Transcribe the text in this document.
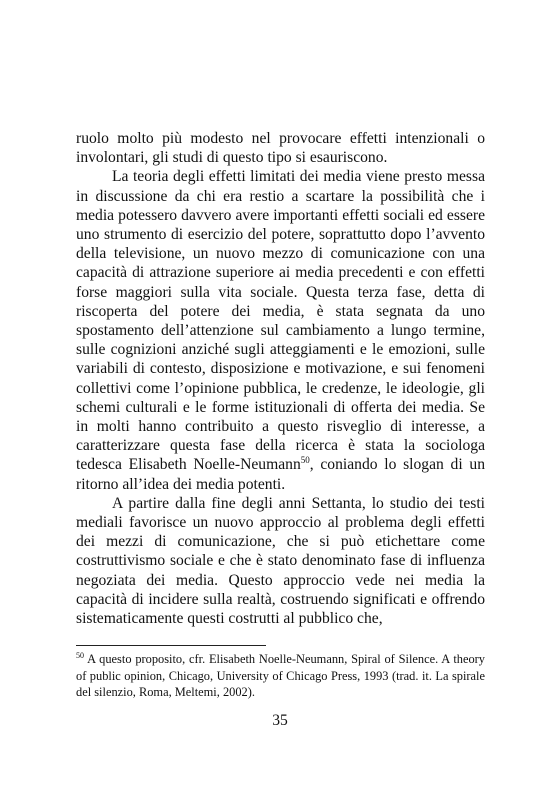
ruolo molto più modesto nel provocare effetti intenzionali o involontari, gli studi di questo tipo si esauriscono.

La teoria degli effetti limitati dei media viene presto messa in discussione da chi era restio a scartare la possibilità che i media potessero davvero avere importanti effetti sociali ed essere uno strumento di esercizio del potere, soprattutto dopo l’avvento della televisione, un nuovo mezzo di comunicazione con una capacità di attrazione superiore ai media precedenti e con effetti forse maggiori sulla vita sociale. Questa terza fase, detta di riscoperta del potere dei media, è stata segnata da uno spostamento dell’attenzione sul cambiamento a lungo termine, sulle cognizioni anziché sugli atteggiamenti e le emozioni, sulle variabili di contesto, disposizione e motivazione, e sui fenomeni collettivi come l’opinione pubblica, le credenze, le ideologie, gli schemi culturali e le forme istituzionali di offerta dei media. Se in molti hanno contribuito a questo risveglio di interesse, a caratterizzare questa fase della ricerca è stata la sociologa tedesca Elisabeth Noelle-Neumann$^{50}$, coniando lo slogan di un ritorno all’idea dei media potenti.

A partire dalla fine degli anni Settanta, lo studio dei testi mediali favorisce un nuovo approccio al problema degli effetti dei mezzi di comunicazione, che si può etichettare come costruttivismo sociale e che è stato denominato fase di influenza negoziata dei media. Questo approccio vede nei media la capacità di incidere sulla realtà, costruendo significati e offrendo sistematicamente questi costrutti al pubblico che,

$^{50}$ A questo proposito, cfr. Elisabeth Noelle-Neumann, Spiral of Silence. A theory of public opinion, Chicago, University of Chicago Press, 1993 (trad. it. La spirale del silenzio, Roma, Meltemi, 2002).

35
